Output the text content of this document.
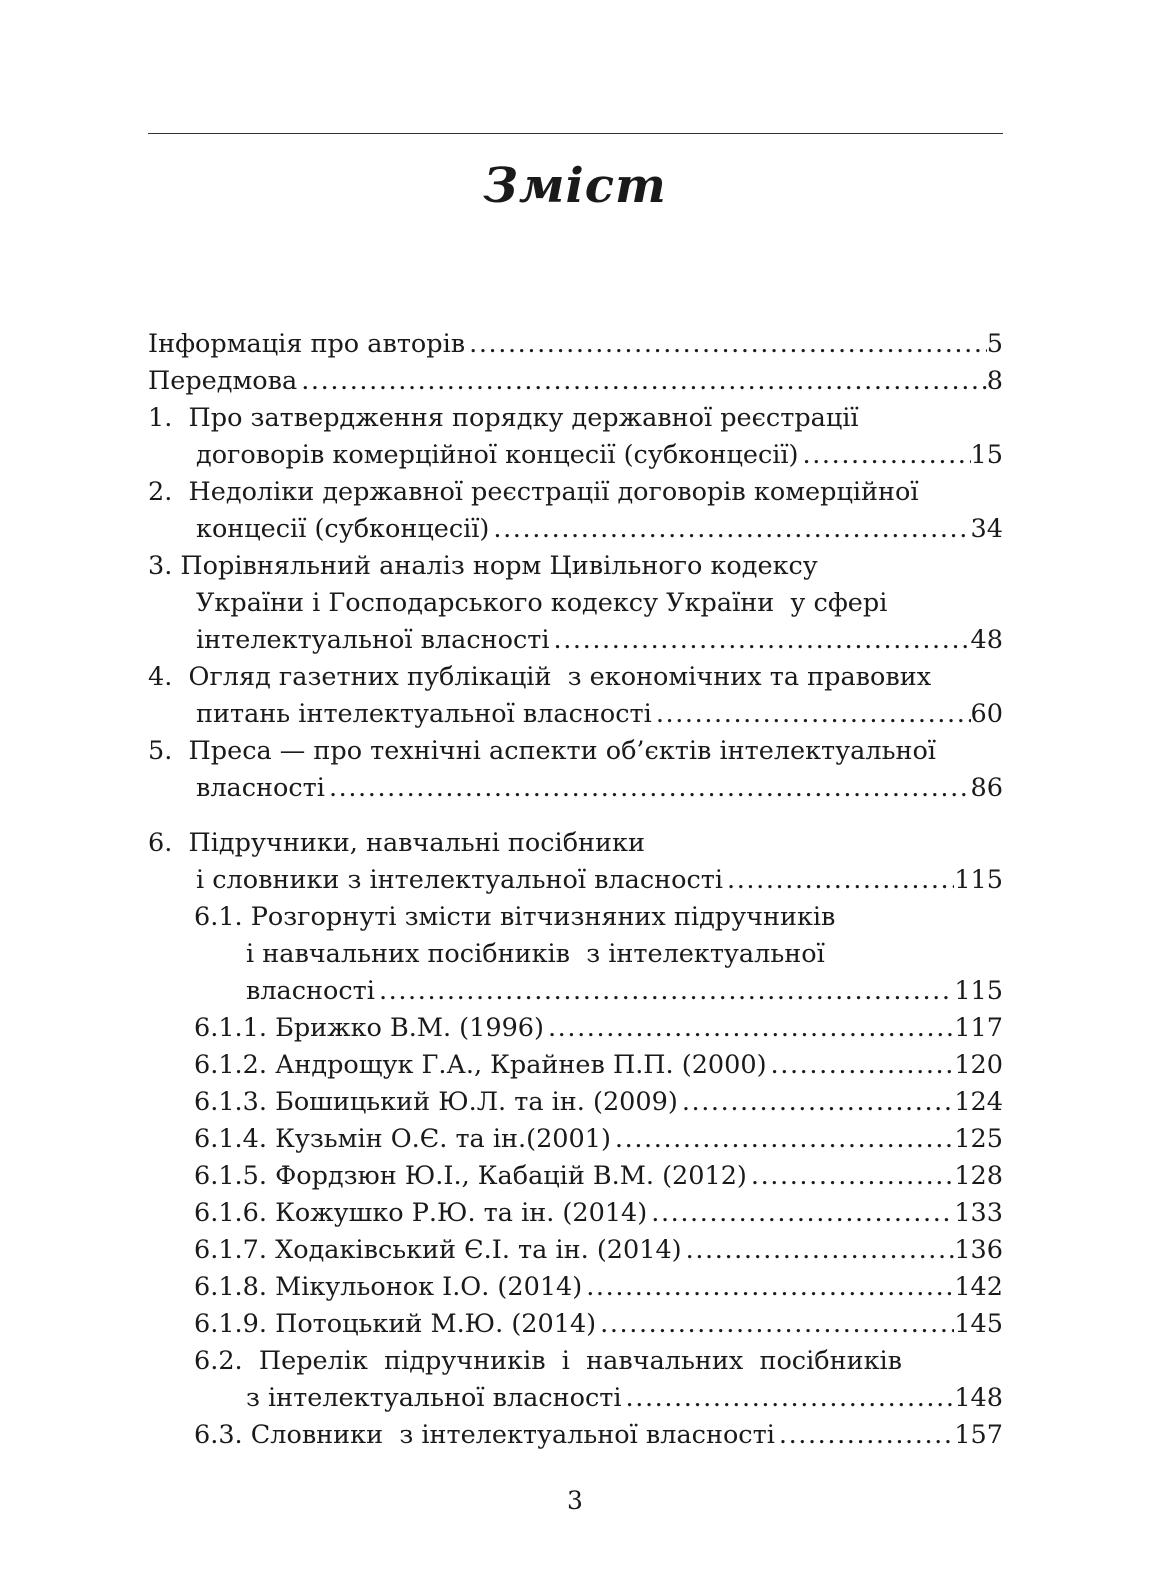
Зміст
Інформація про авторів .....	5
Передмова .....	8
1.  Про затвердження порядку державної реєстрації
договорів комерційної концесії (субконцесії) .....	15
2.  Недоліки державної реєстрації договорів комерційної
концесії (субконцесії) .....	34
3. Порівняльний аналіз норм Цивільного кодексу
України і Господарського кодексу України  у сфері
інтелектуальної власності .....	48
4.  Огляд газетних публікацій  з економічних та правових
питань інтелектуальної власності .....	60
5.  Преса — про технічні аспекти об’єктів інтелектуальної
власності .....	86
6.  Підручники, навчальні посібники
і словники з інтелектуальної власності .....	115
6.1. Розгорнуті змісти вітчизняних підручників
і навчальних посібників  з інтелектуальної
власності .....	115
6.1.1. Брижко В.М. (1996) .....	117
6.1.2. Андрощук Г.А., Крайнев П.П. (2000) .....	120
6.1.3. Бошицький Ю.Л. та ін. (2009) .....	124
6.1.4. Кузьмін О.Є. та ін.(2001) .....	125
6.1.5. Фордзюн Ю.І., Кабацій В.М. (2012) .....	128
6.1.6. Кожушко Р.Ю. та ін. (2014) .....	133
6.1.7. Ходаківський Є.І. та ін. (2014) .....	136
6.1.8. Мікульонок І.О. (2014) .....	142
6.1.9. Потоцький М.Ю. (2014) .....	145
6.2.  Перелік  підручників  і  навчальних  посібників
з інтелектуальної власності .....	148
6.3. Словники  з інтелектуальної власності .....	157
3
